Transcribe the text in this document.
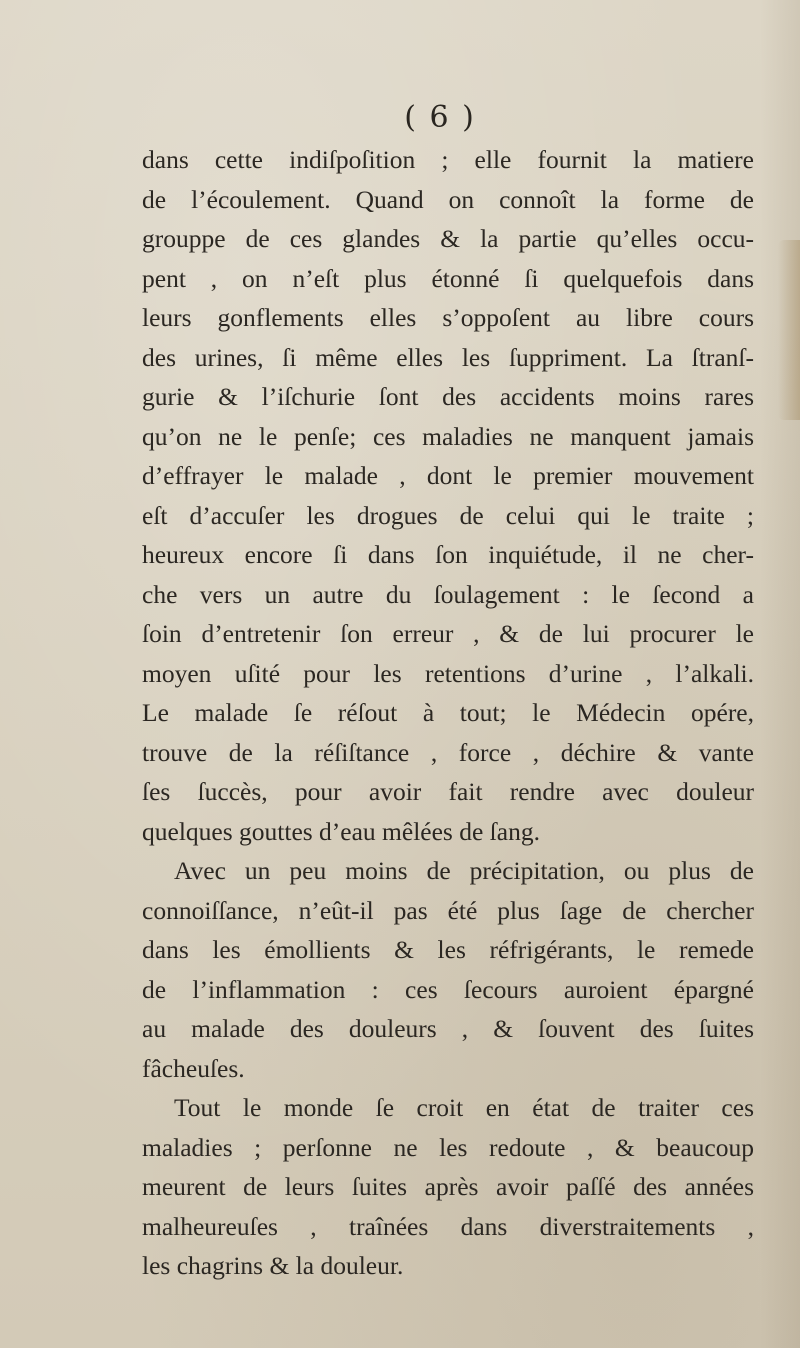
( 6 )
dans cette indiſpoſition ; elle fournit la matiere
de l’écoulement. Quand on connoît la forme de
grouppe de ces glandes & la partie qu’elles occu-
pent , on n’eſt plus étonné ſi quelquefois dans
leurs gonflements elles s’oppoſent au libre cours
des urines, ſi même elles les ſuppriment. La ſtranſ-
gurie & l’iſchurie ſont des accidents moins rares
qu’on ne le penſe; ces maladies ne manquent jamais
d’effrayer le malade , dont le premier mouvement
eſt d’accuſer les drogues de celui qui le traite ;
heureux encore ſi dans ſon inquiétude, il ne cher-
che vers un autre du ſoulagement : le ſecond a
ſoin d’entretenir ſon erreur , & de lui procurer le
moyen uſité pour les retentions d’urine , l’alkali.
Le malade ſe réſout à tout; le Médecin opére,
trouve de la réſiſtance , force , déchire & vante
ſes ſuccès, pour avoir fait rendre avec douleur
quelques gouttes d’eau mêlées de ſang.
Avec un peu moins de précipitation, ou plus de
connoiſſance, n’eût-il pas été plus ſage de chercher
dans les émollients & les réfrigérants, le remede
de l’inflammation : ces ſecours auroient épargné
au malade des douleurs , & ſouvent des ſuites
fâcheuſes.
Tout le monde ſe croit en état de traiter ces
maladies ; perſonne ne les redoute , & beaucoup
meurent de leurs ſuites après avoir paſſé des années
malheureuſes , traînées dans diverstraitements ,
les chagrins & la douleur.
